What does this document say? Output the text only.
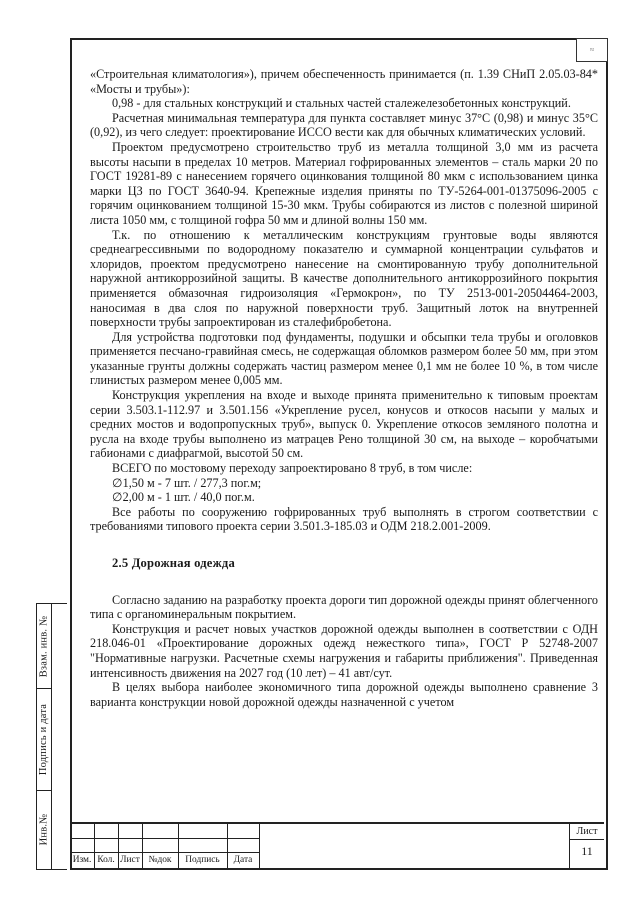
≈
Взам. инв. №
Подпись и дата
Инв.№

«Строительная климатология»), причем обеспеченность принимается (п. 1.39 СНиП 2.05.03-84* «Мосты и трубы»):

0,98 - для стальных конструкций и стальных частей сталежелезобетонных конструкций.

Расчетная минимальная температура для пункта составляет минус 37°С (0,98) и минус 35°С (0,92), из чего следует: проектирование ИССО вести как для обычных климатических условий.

Проектом предусмотрено строительство труб из металла толщиной 3,0 мм из расчета высоты насыпи в пределах 10 метров. Материал гофрированных элементов – сталь марки 20 по ГОСТ 19281-89 с нанесением горячего оцинкования толщиной 80 мкм с использованием цинка марки ЦЗ по ГОСТ 3640-94. Крепежные изделия приняты по ТУ-5264-001-01375096-2005 с горячим оцинкованием толщиной 15-30 мкм. Трубы собираются из листов с полезной шириной листа 1050 мм, с толщиной гофра 50 мм и длиной волны 150 мм.

Т.к. по отношению к металлическим конструкциям грунтовые воды являются среднеагрессивными по водородному показателю и суммарной концентрации сульфатов и хлоридов, проектом предусмотрено нанесение на смонтированную трубу дополнительной наружной антикоррозийной защиты. В качестве дополнительного антикоррозийного покрытия применяется обмазочная гидроизоляция «Гермокрон», по ТУ 2513-001-20504464-2003, наносимая в два слоя по наружной поверхности труб. Защитный лоток на внутренней поверхности трубы запроектирован из сталефибробетона.

Для устройства подготовки под фундаменты, подушки и обсыпки тела трубы и оголовков применяется песчано-гравийная смесь, не содержащая обломков размером более 50 мм, при этом указанные грунты должны содержать частиц размером менее 0,1 мм не более 10 %, в том числе глинистых размером менее 0,005 мм.

Конструкция укрепления на входе и выходе принята применительно к типовым проектам серии 3.503.1-112.97 и 3.501.156 «Укрепление русел, конусов и откосов насыпи у малых и средних мостов и водопропускных труб», выпуск 0. Укрепление откосов земляного полотна и русла на входе трубы выполнено из матрацев Рено толщиной 30 см, на выходе – коробчатыми габионами с диафрагмой, высотой 50 см.

ВСЕГО по мостовому переходу запроектировано 8 труб, в том числе:

∅1,50 м - 7 шт. / 277,3 пог.м;

∅2,00 м - 1 шт. / 40,0 пог.м.

Все работы по сооружению гофрированных труб выполнять в строгом соответствии с требованиями типового проекта серии 3.501.3-185.03 и ОДМ 218.2.001-2009.

2.5 Дорожная одежда

Согласно заданию на разработку проекта дороги тип дорожной одежды принят облегченного типа с органоминеральным покрытием.

Конструкция и расчет новых участков дорожной одежды выполнен в соответствии с ОДН 218.046-01 «Проектирование дорожных одежд нежесткого типа», ГОСТ Р 52748-2007 "Нормативные нагрузки. Расчетные схемы нагружения и габариты приближения". Приведенная интенсивность движения на 2027 год (10 лет) – 41 авт/сут.

В целях выбора наиболее экономичного типа дорожной одежды выполнено сравнение 3 варианта конструкции новой дорожной одежды назначенной с учетом

Изм. Кол. Лист №док	Подпись	Дата
Лист
11
